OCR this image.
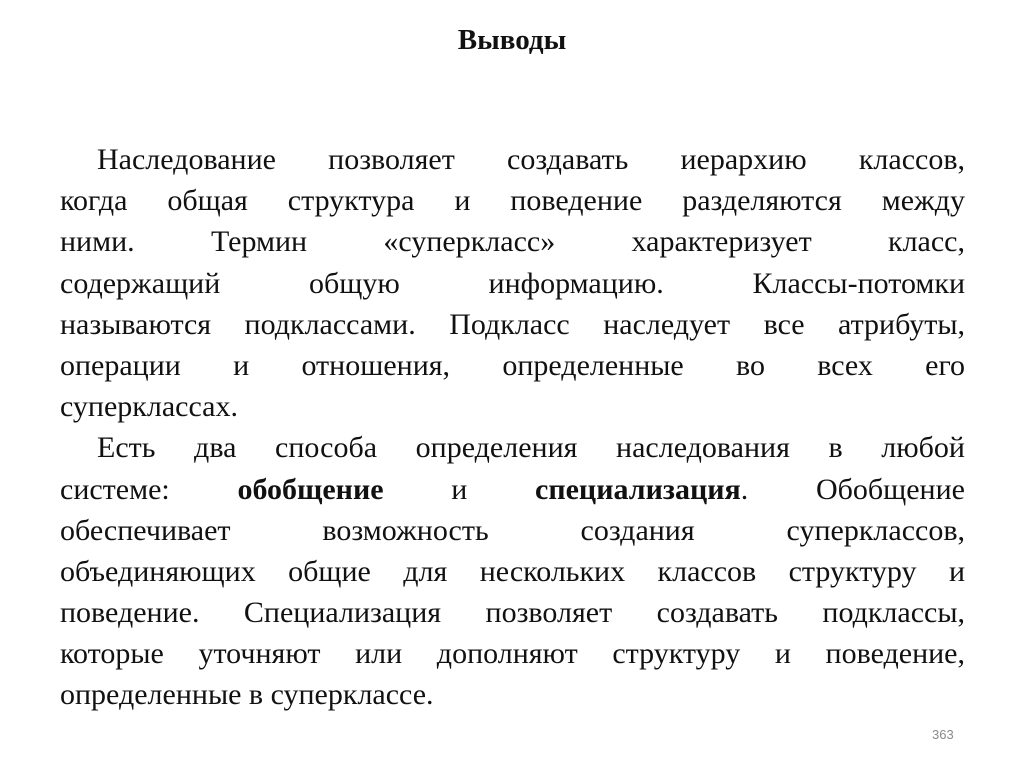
Выводы
Наследование позволяет создавать иерархию классов,
когда общая структура и поведение разделяются между
ними. Термин «суперкласс» характеризует класс,
содержащий общую информацию. Классы-потомки
называются подклассами. Подкласс наследует все атрибуты,
операции и отношения, определенные во всех его
суперклассах.
Есть два способа определения наследования в любой
системе: обобщение и специализация. Обобщение
обеспечивает возможность создания суперклассов,
объединяющих общие для нескольких классов структуру и
поведение. Специализация позволяет создавать подклассы,
которые уточняют или дополняют структуру и поведение,
определенные в суперклассе.
363
